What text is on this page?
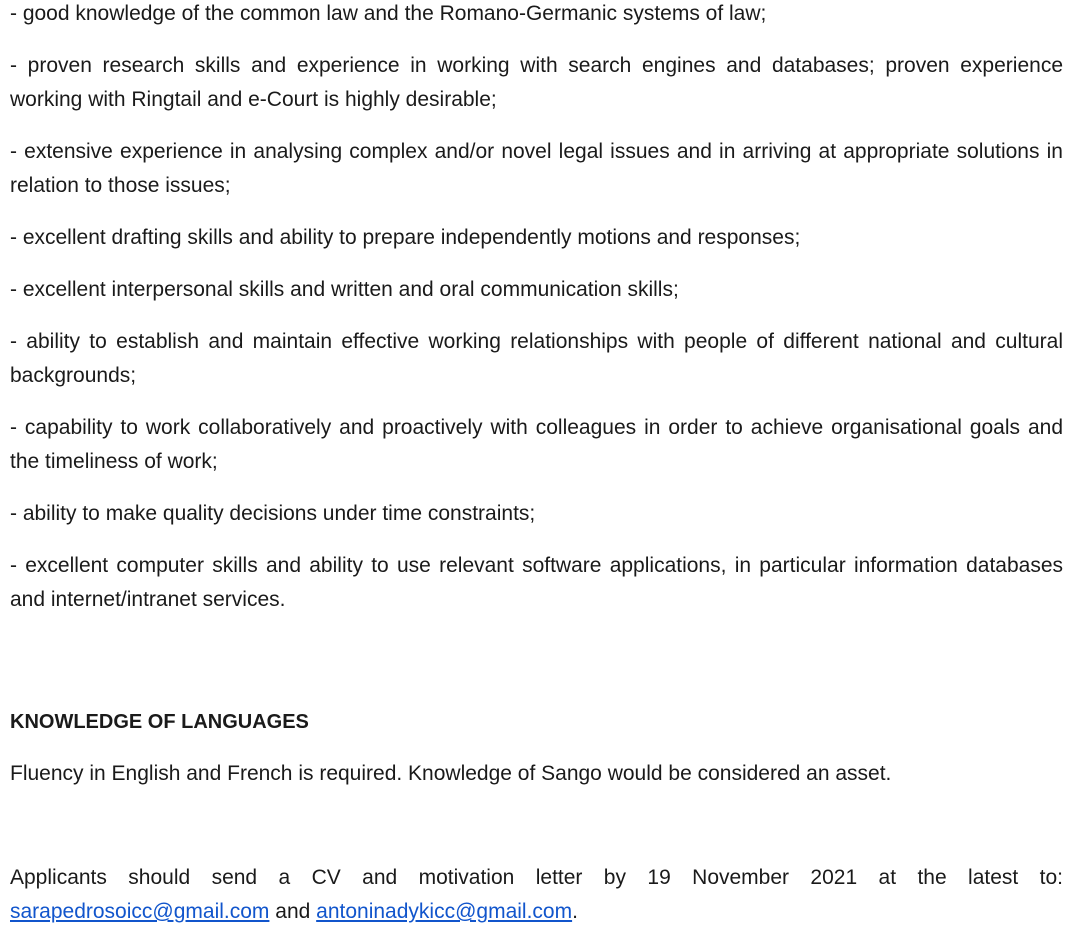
- good knowledge of the common law and the Romano-Germanic systems of law;

- proven research skills and experience in working with search engines and databases; proven experience working with Ringtail and e-Court is highly desirable;

- extensive experience in analysing complex and/or novel legal issues and in arriving at appropriate solutions in relation to those issues;

- excellent drafting skills and ability to prepare independently motions and responses;

- excellent interpersonal skills and written and oral communication skills;

- ability to establish and maintain effective working relationships with people of different national and cultural backgrounds;

- capability to work collaboratively and proactively with colleagues in order to achieve organisational goals and the timeliness of work;

- ability to make quality decisions under time constraints;

- excellent computer skills and ability to use relevant software applications, in particular information databases and internet/intranet services.

KNOWLEDGE OF LANGUAGES

Fluency in English and French is required. Knowledge of Sango would be considered an asset.

Applicants should send a CV and motivation letter by 19 November 2021 at the latest to: sarapedrosoicc@gmail.com and antoninadykicc@gmail.com.
